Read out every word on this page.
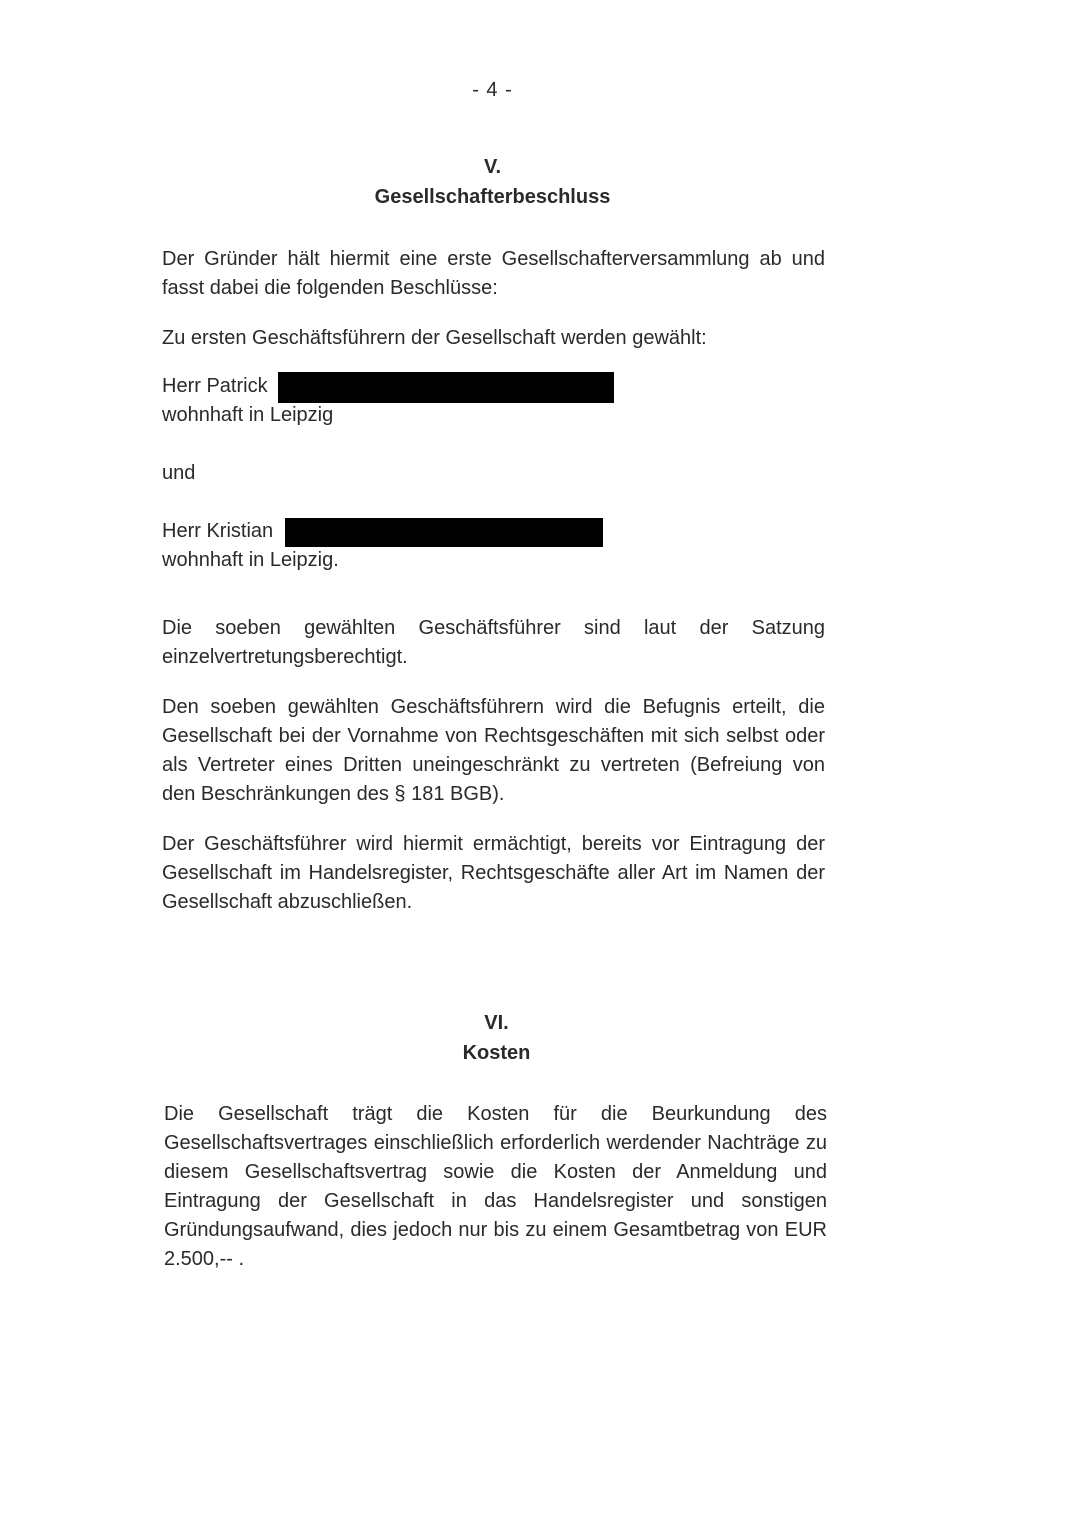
- 4 -
V.
Gesellschafterbeschluss

Der Gründer hält hiermit eine erste Gesellschafterversammlung ab und fasst dabei die folgenden Beschlüsse:

Zu ersten Geschäftsführern der Gesellschaft werden gewählt:

Herr Patrick
wohnhaft in Leipzig
und
Herr Kristian
wohnhaft in Leipzig.

Die soeben gewählten Geschäftsführer sind laut der Satzung einzelvertretungsberechtigt.

Den soeben gewählten Geschäftsführern wird die Befugnis erteilt, die Gesellschaft bei der Vornahme von Rechtsgeschäften mit sich selbst oder als Vertreter eines Dritten uneingeschränkt zu vertreten (Befreiung von den Beschränkungen des § 181 BGB).

Der Geschäftsführer wird hiermit ermächtigt, bereits vor Eintragung der Gesellschaft im Handelsregister, Rechtsgeschäfte aller Art im Namen der Gesellschaft abzuschließen.

VI.
Kosten

Die Gesellschaft trägt die Kosten für die Beurkundung des Gesellschaftsvertrages einschließlich erforderlich werdender Nachträge zu diesem Gesellschaftsvertrag sowie die Kosten der Anmeldung und Eintragung der Gesellschaft in das Handelsregister und sonstigen Gründungsaufwand, dies jedoch nur bis zu einem Gesamtbetrag von EUR 2.500,-- .
